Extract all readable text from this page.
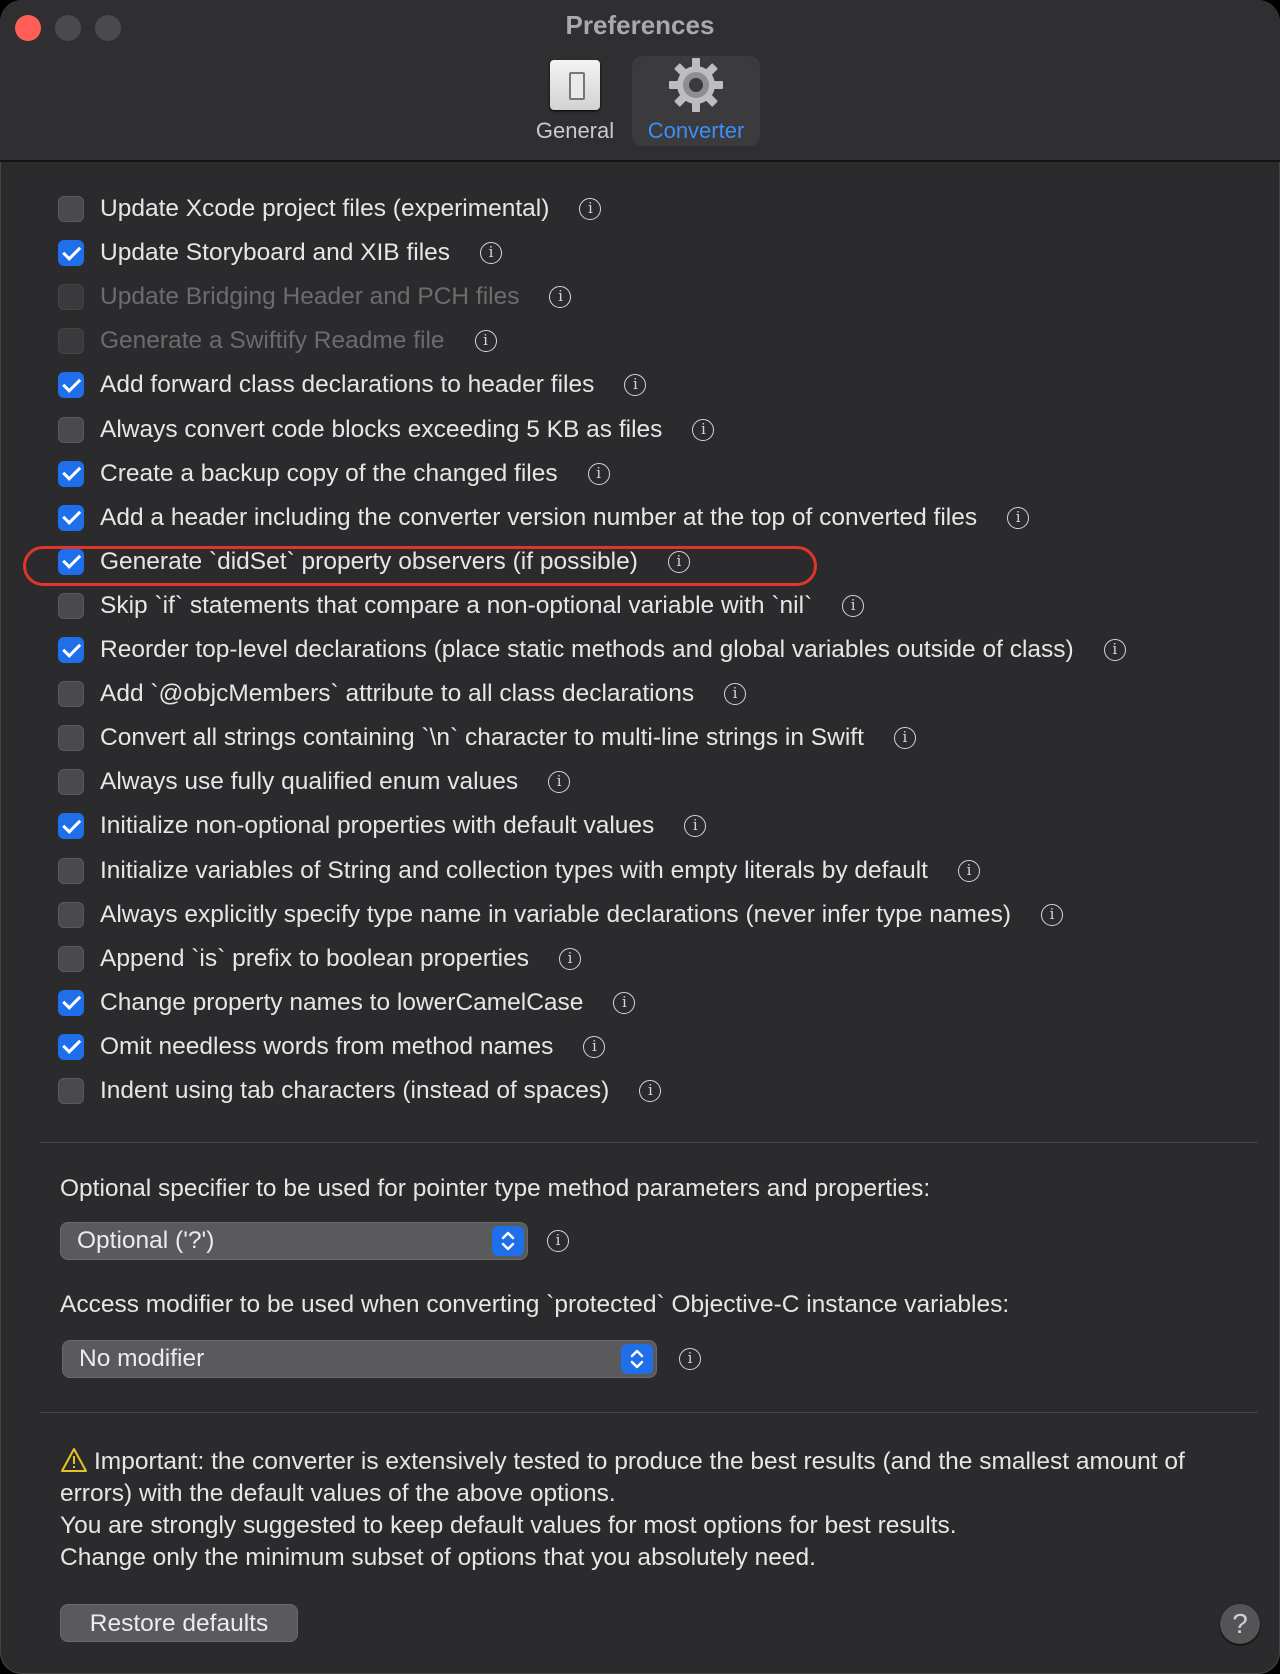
Preferences
General Converter
Update Xcode project files (experimental)	i
Update Storyboard and XIB files	i
Update Bridging Header and PCH files	i
Generate a Swiftify Readme file	i
Add forward class declarations to header files	i
Always convert code blocks exceeding 5 KB as files	i
Create a backup copy of the changed files	i
Add a header including the converter version number at the top of converted files	i
Generate `didSet` property observers (if possible)	i
Skip `if` statements that compare a non-optional variable with `nil`	i
Reorder top-level declarations (place static methods and global variables outside of class)	i
Add `@objcMembers` attribute to all class declarations	i
Convert all strings containing `\n` character to multi-line strings in Swift	i
Always use fully qualified enum values	i
Initialize non-optional properties with default values	i
Initialize variables of String and collection types with empty literals by default	i
Always explicitly specify type name in variable declarations (never infer type names)	i
Append `is` prefix to boolean properties	i
Change property names to lowerCamelCase	i
Omit needless words from method names	i
Indent using tab characters (instead of spaces)	i
Optional specifier to be used for pointer type method parameters and properties:
Optional ('?')	i
Access modifier to be used when converting `protected` Objective-C instance variables:
No modifier	i

Important: the converter is extensively tested to produce the best results (and the smallest amount of errors) with the default values of the above options.

You are strongly suggested to keep default values for most options for best results.

Change only the minimum subset of options that you absolutely need.

Restore defaults	?
